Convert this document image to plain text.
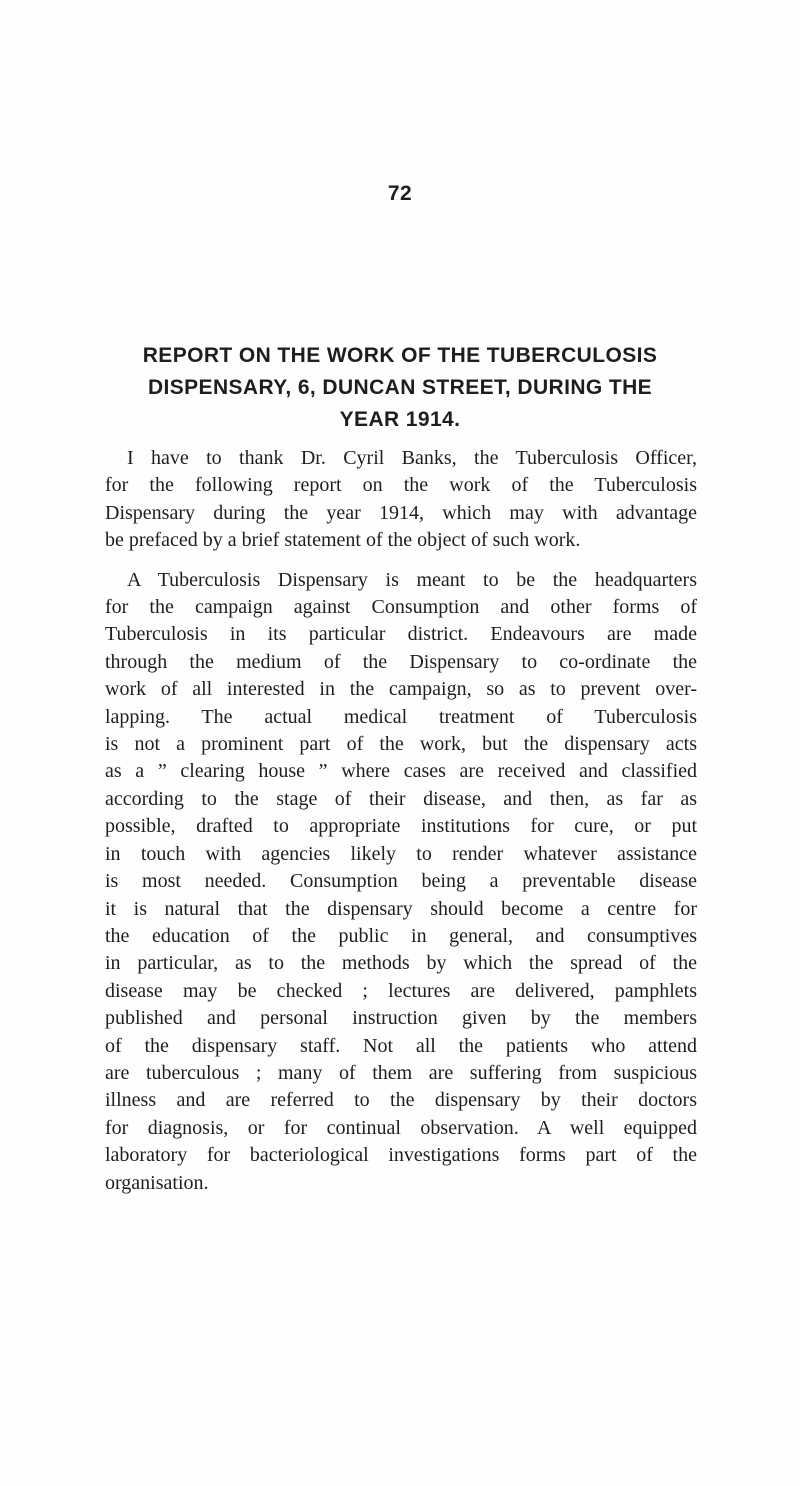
72
REPORT ON THE WORK OF THE TUBERCULOSIS
DISPENSARY, 6, DUNCAN STREET, DURING THE
YEAR 1914.

I have to thank Dr. Cyril Banks, the Tuberculosis Officer,
for the following report on the work of the Tuberculosis
Dispensary during the year 1914, which may with advantage
be prefaced by a brief statement of the object of such work.

A Tuberculosis Dispensary is meant to be the headquarters
for the campaign against Consumption and other forms of
Tuberculosis in its particular district. Endeavours are made
through the medium of the Dispensary to co-ordinate the
work of all interested in the campaign, so as to prevent over-
lapping. The actual medical treatment of Tuberculosis
is not a prominent part of the work, but the dispensary acts
as a ” clearing house ” where cases are received and classified
according to the stage of their disease, and then, as far as
possible, drafted to appropriate institutions for cure, or put
in touch with agencies likely to render whatever assistance
is most needed. Consumption being a preventable disease
it is natural that the dispensary should become a centre for
the education of the public in general, and consumptives
in particular, as to the methods by which the spread of the
disease may be checked ; lectures are delivered, pamphlets
published and personal instruction given by the members
of the dispensary staff. Not all the patients who attend
are tuberculous ; many of them are suffering from suspicious
illness and are referred to the dispensary by their doctors
for diagnosis, or for continual observation. A well equipped
laboratory for bacteriological investigations forms part of the
organisation.
